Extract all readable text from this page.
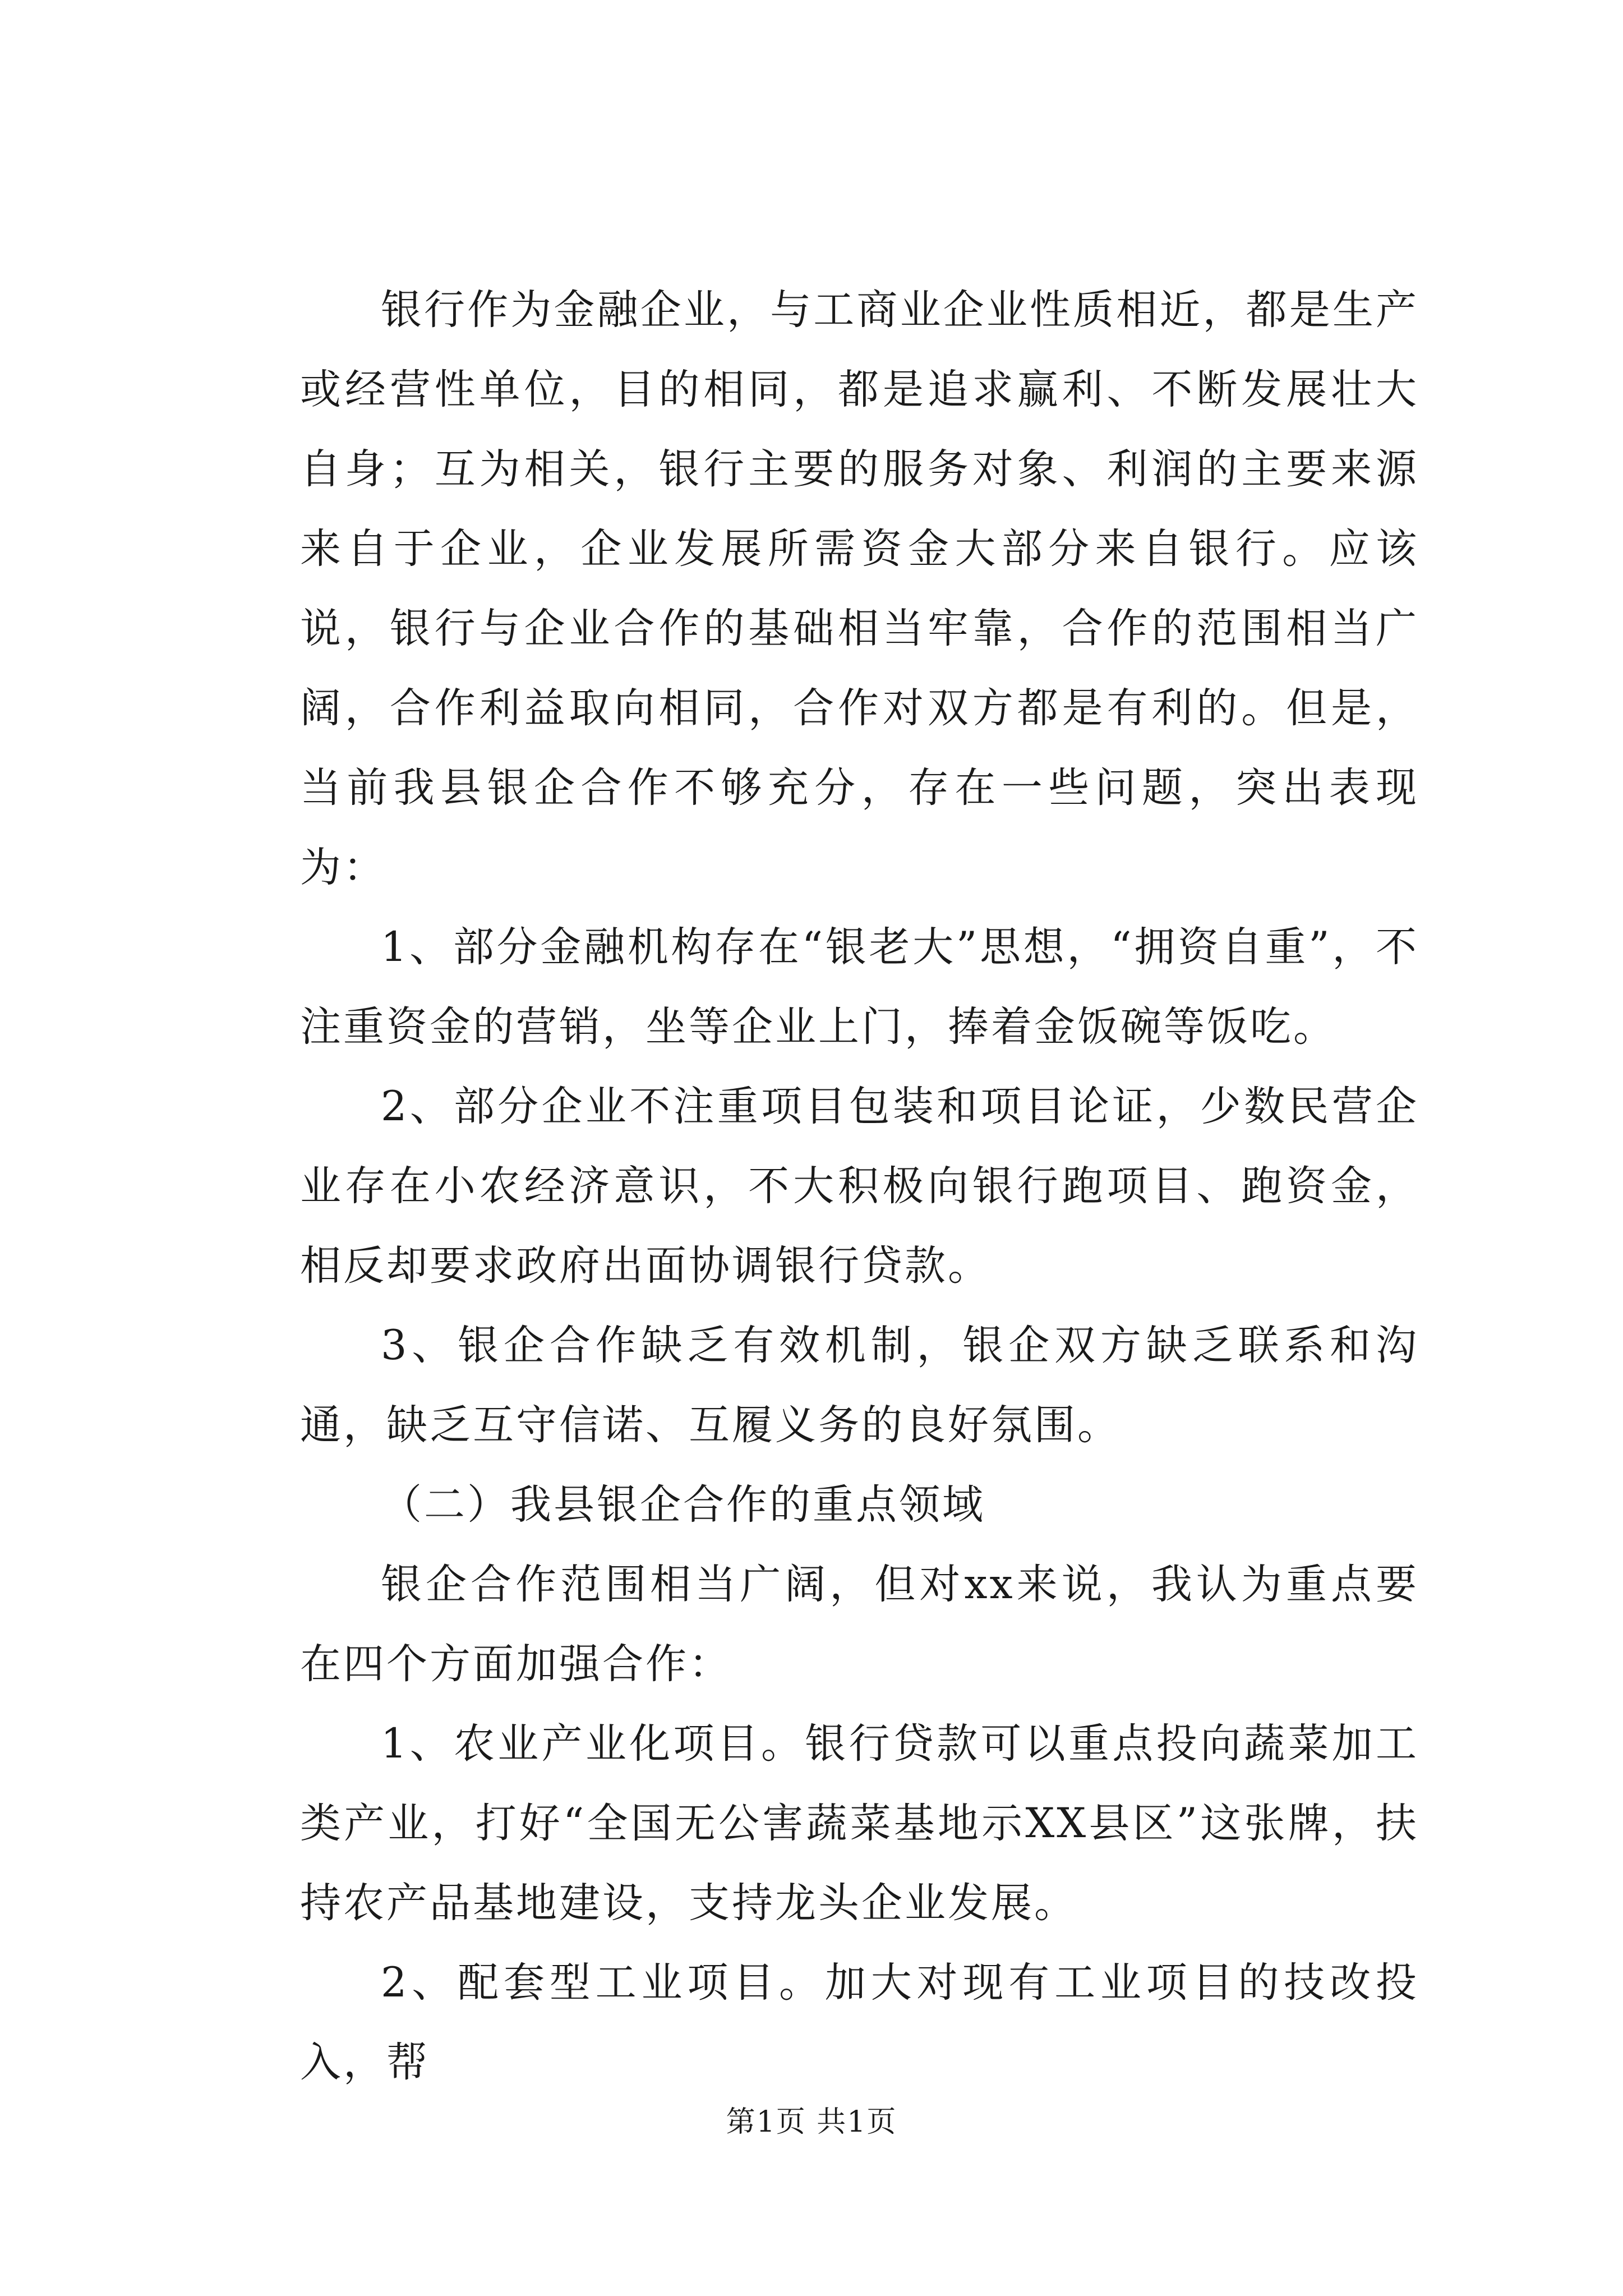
银行作为金融企业，与工商业企业性质相近，都是生产或经营性单位，目的相同，都是追求赢利、不断发展壮大自身；互为相关，银行主要的服务对象、利润的主要来源来自于企业，企业发展所需资金大部分来自银行。应该说，银行与企业合作的基础相当牢靠，合作的范围相当广阔，合作利益取向相同，合作对双方都是有利的。但是，当前我县银企合作不够充分，存在一些问题，突出表现为：

1、部分金融机构存在“银老大”思想，“拥资自重”，不注重资金的营销，坐等企业上门，捧着金饭碗等饭吃。

2、部分企业不注重项目包装和项目论证，少数民营企业存在小农经济意识，不大积极向银行跑项目、跑资金，相反却要求政府出面协调银行贷款。

3、银企合作缺乏有效机制，银企双方缺乏联系和沟通，缺乏互守信诺、互履义务的良好氛围。

（二）我县银企合作的重点领域

银企合作范围相当广阔，但对xx来说，我认为重点要在四个方面加强合作：

1、农业产业化项目。银行贷款可以重点投向蔬菜加工类产业，打好“全国无公害蔬菜基地示XX县区”这张牌，扶持农产品基地建设，支持龙头企业发展。

2、配套型工业项目。加大对现有工业项目的技改投入，帮

第1页 共1页
